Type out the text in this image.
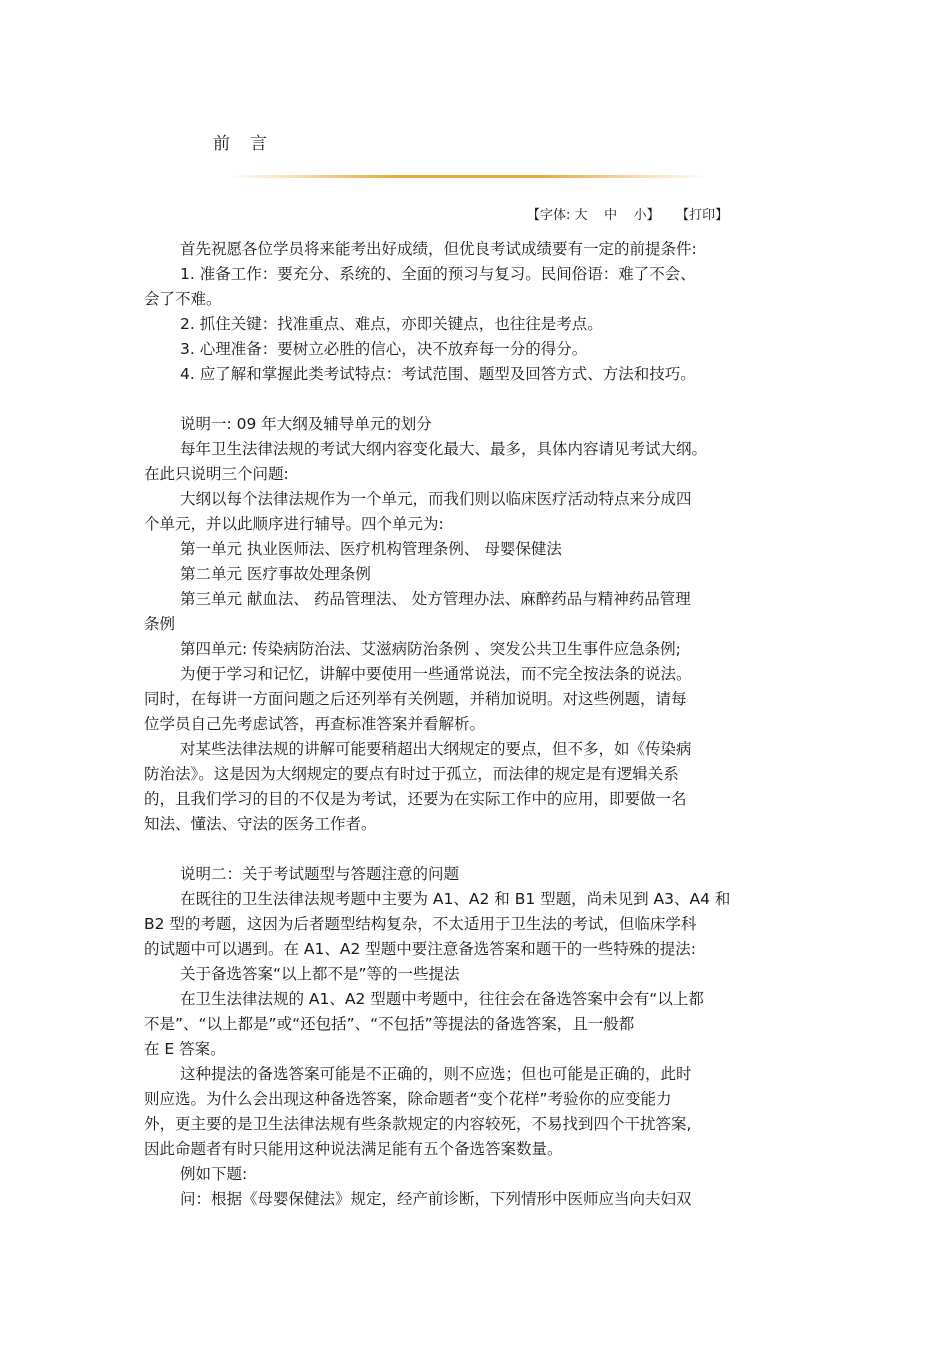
前 言
【字体: 大 中 小】 【打印】
首先祝愿各位学员将来能考出好成绩，但优良考试成绩要有一定的前提条件:
1. 准备工作：要充分、系统的、全面的预习与复习。民间俗语：难了不会、
会了不难。
2. 抓住关键：找准重点、难点，亦即关键点，也往往是考点。
3. 心理准备：要树立必胜的信心，决不放弃每一分的得分。
4. 应了解和掌握此类考试特点：考试范围、题型及回答方式、方法和技巧。
说明一: 09 年大纲及辅导单元的划分
每年卫生法律法规的考试大纲内容变化最大、最多，具体内容请见考试大纲。
在此只说明三个问题:
大纲以每个法律法规作为一个单元，而我们则以临床医疗活动特点来分成四
个单元，并以此顺序进行辅导。四个单元为:
第一单元 执业医师法、医疗机构管理条例、 母婴保健法
第二单元 医疗事故处理条例
第三单元 献血法、 药品管理法、 处方管理办法、麻醉药品与精神药品管理
条例
第四单元: 传染病防治法、艾滋病防治条例 、突发公共卫生事件应急条例;
为便于学习和记忆，讲解中要使用一些通常说法，而不完全按法条的说法。
同时，在每讲一方面问题之后还列举有关例题，并稍加说明。对这些例题，请每
位学员自己先考虑试答，再查标准答案并看解析。
对某些法律法规的讲解可能要稍超出大纲规定的要点，但不多，如《传染病
防治法》。这是因为大纲规定的要点有时过于孤立，而法律的规定是有逻辑关系
的，且我们学习的目的不仅是为考试，还要为在实际工作中的应用，即要做一名
知法、懂法、守法的医务工作者。
说明二：关于考试题型与答题注意的问题
在既往的卫生法律法规考题中主要为 A1、A2 和 B1 型题，尚未见到 A3、A4 和
B2 型的考题，这因为后者题型结构复杂，不太适用于卫生法的考试，但临床学科
的试题中可以遇到。在 A1、A2 型题中要注意备选答案和题干的一些特殊的提法:
关于备选答案“以上都不是”等的一些提法
在卫生法律法规的 A1、A2 型题中考题中，往往会在备选答案中会有“以上都
不是”、“以上都是”或“还包括”、“不包括”等提法的备选答案，且一般都
在 E 答案。
这种提法的备选答案可能是不正确的，则不应选；但也可能是正确的，此时
则应选。为什么会出现这种备选答案，除命题者“变个花样”考验你的应变能力
外，更主要的是卫生法律法规有些条款规定的内容较死，不易找到四个干扰答案,
因此命题者有时只能用这种说法满足能有五个备选答案数量。
例如下题:
问：根据《母婴保健法》规定，经产前诊断，下列情形中医师应当向夫妇双
